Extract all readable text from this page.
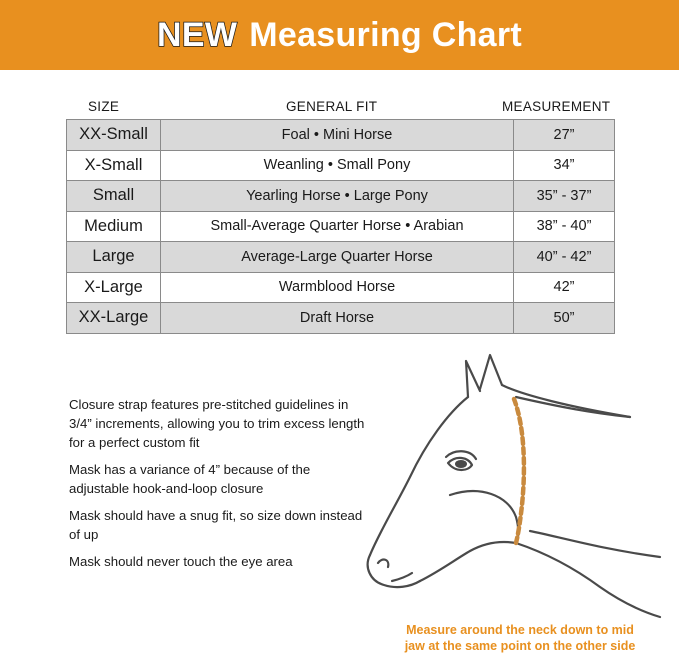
NEW Measuring Chart
SIZE	GENERAL FIT	MEASUREMENT
XX-Small	Foal • Mini Horse	27”
X-Small	Weanling • Small Pony	34”
Small	Yearling Horse • Large Pony	35” - 37”
Medium	Small-Average Quarter Horse • Arabian	38” - 40”
Large	Average-Large Quarter Horse	40” - 42”
X-Large	Warmblood Horse	42”
XX-Large	Draft Horse	50”

Closure strap features pre-stitched guidelines in 3/4” increments, allowing you to trim excess length for a perfect custom fit

Mask has a variance of 4” because of the adjustable hook-and-loop closure

Mask should have a snug fit, so size down instead of up

Mask should never touch the eye area

Measure around the neck down to mid
jaw at the same point on the other side
